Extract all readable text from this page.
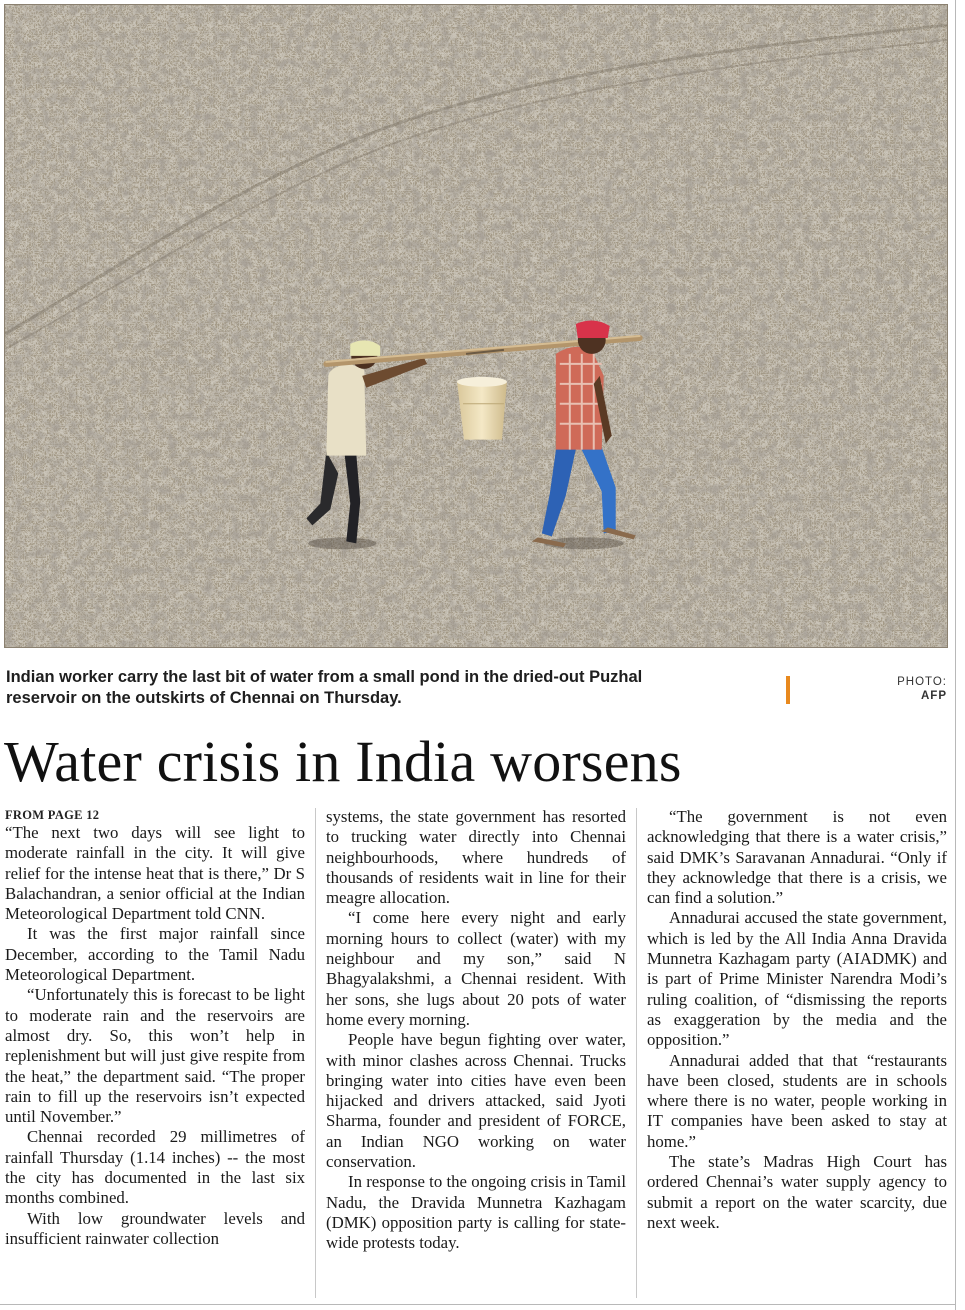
Indian worker carry the last bit of water from a small pond in the dried-out Puzhal reservoir on the outskirts of Chennai on Thursday.
PHOTO:
AFP
Water crisis in India worsens
FROM PAGE 12

“The next two days will see light to moderate rainfall in the city. It will give relief for the intense heat that is there,” Dr S Balachandran, a senior official at the Indian Meteorological Department told CNN.

It was the first major rainfall since December, according to the Tamil Nadu Meteorological Department.

“Unfortunately this is forecast to be light to moderate rain and the reservoirs are almost dry. So, this won’t help in replenishment but will just give respite from the heat,” the department said. “The proper rain to fill up the reservoirs isn’t expected until November.”

Chennai recorded 29 millimetres of rainfall Thursday (1.14 inches) -- the most the city has documented in the last six months combined.

With low groundwater levels and insufficient rainwater collection

systems, the state government has resorted to trucking water directly into Chennai neighbourhoods, where hundreds of thousands of residents wait in line for their meagre allocation.

“I come here every night and early morning hours to collect (water) with my neighbour and my son,” said N Bhagyalakshmi, a Chennai resident. With her sons, she lugs about 20 pots of water home every morning.

People have begun fighting over water, with minor clashes across Chennai. Trucks bringing water into cities have even been hijacked and drivers attacked, said Jyoti Sharma, founder and president of FORCE, an Indian NGO working on water conservation.

In response to the ongoing crisis in Tamil Nadu, the Dravida Munnetra Kazhagam (DMK) opposition party is calling for state-wide protests today.

“The government is not even acknowledging that there is a water crisis,” said DMK’s Saravanan Annadurai. “Only if they acknowledge that there is a crisis, we can find a solution.”

Annadurai accused the state government, which is led by the All India Anna Dravida Munnetra Kazhagam party (AIADMK) and is part of Prime Minister Narendra Modi’s ruling coalition, of “dismissing the reports as exaggeration by the media and the opposition.”

Annadurai added that that “restaurants have been closed, students are in schools where there is no water, people working in IT companies have been asked to stay at home.”

The state’s Madras High Court has ordered Chennai’s water supply agency to submit a report on the water scarcity, due next week.
